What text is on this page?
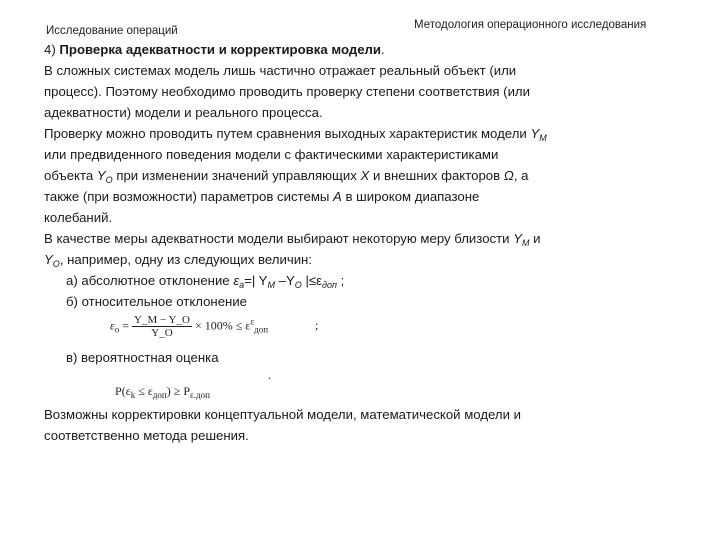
Исследование операций	Методология операционного исследования
4) Проверка адекватности и корректировка модели.
В сложных системах модель лишь частично отражает реальный объект (или
процесс). Поэтому необходимо проводить проверку степени соответствия (или
адекватности) модели и реального процесса.
Проверку можно проводить путем сравнения выходных характеристик модели $Y_M$
или предвиденного поведения модели с фактическими характеристиками
объекта $Y_O$ при изменении значений управляющих X и внешних факторов Ω, а
также (при возможности) параметров системы A в широком диапазоне
колебаний.
В качестве меры адекватности модели выбирают некоторую меру близости $Y_M$ и
$Y_O$, например, одну из следующих величин:
а) абсолютное отклонение $\varepsilon_a=|$ $Y_M$ $-Y_O$ $|\le\varepsilon_{доп}$ ;
б) относительное отклонение
$\varepsilon_o = \frac{Y\_M - Y\_O}{Y\_O} \times 100\% \le \varepsilon^\varepsilon_{доп}$	;
в) вероятностная оценка
.
$P(\varepsilon_k \le \varepsilon_{доп}) \ge P_{\varepsilon.доп}$
Возможны корректировки концептуальной модели, математической модели и
соответственно метода решения.
